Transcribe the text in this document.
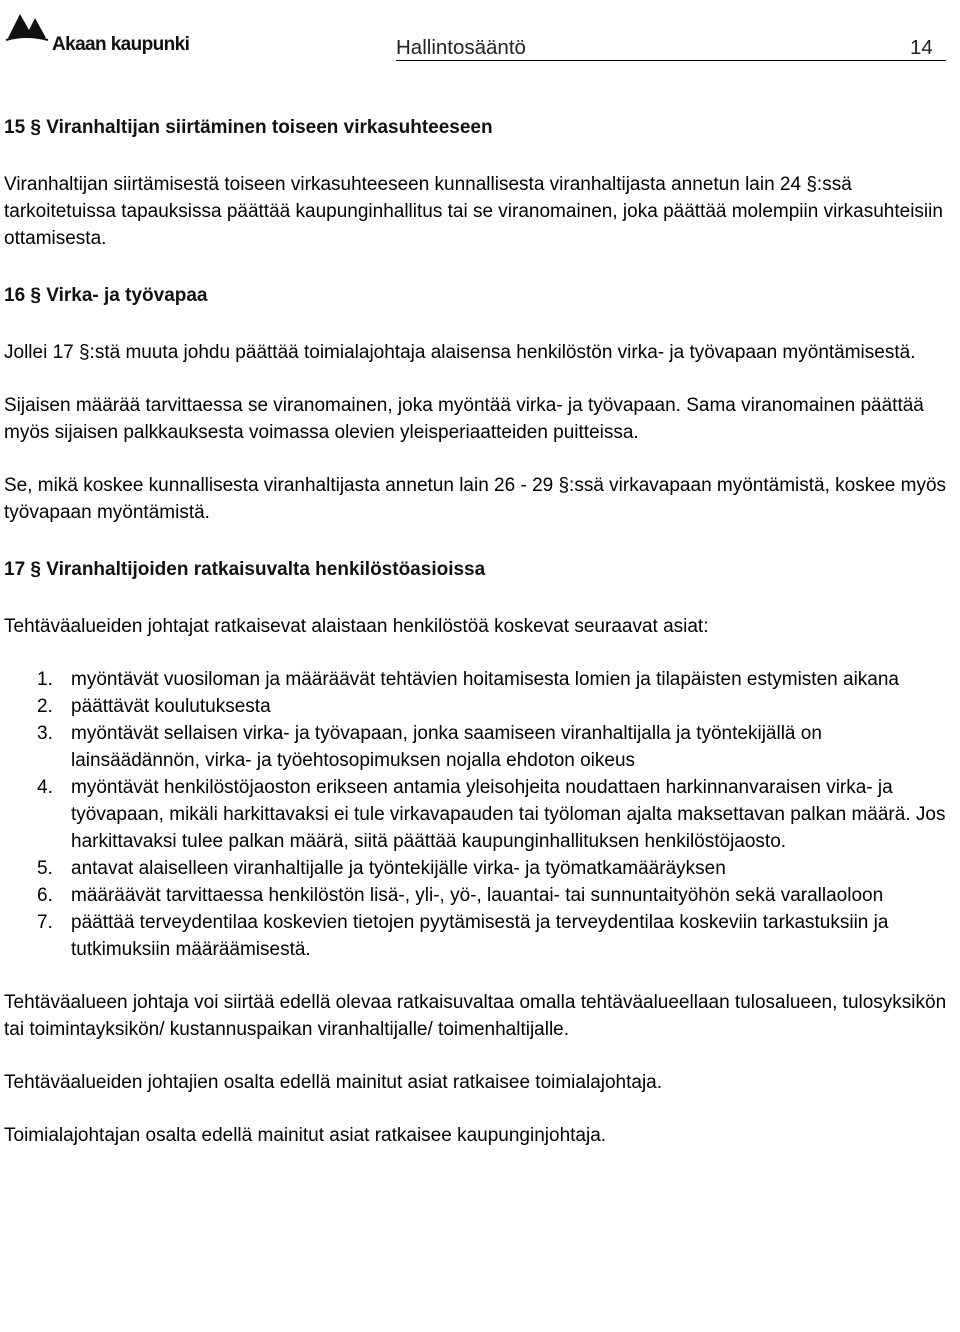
Akaan kaupunki	Hallintosääntö	14

15 § Viranhaltijan siirtäminen toiseen virkasuhteeseen

Viranhaltijan siirtämisestä toiseen virkasuhteeseen kunnallisesta viranhaltijasta annetun lain 24 §:ssä tarkoitetuissa tapauksissa päättää kaupunginhallitus tai se viranomainen, joka päättää molempiin virkasuhteisiin ottamisesta.

16 § Virka- ja työvapaa

Jollei 17 §:stä muuta johdu päättää toimialajohtaja alaisensa henkilöstön virka- ja työvapaan myöntämisestä.

Sijaisen määrää tarvittaessa se viranomainen, joka myöntää virka- ja työvapaan. Sama viranomainen päättää myös sijaisen palkkauksesta voimassa olevien yleisperiaatteiden puitteissa.

Se, mikä koskee kunnallisesta viranhaltijasta annetun lain 26 - 29 §:ssä virkavapaan myöntämistä, koskee myös työvapaan myöntämistä.

17 § Viranhaltijoiden ratkaisuvalta henkilöstöasioissa

Tehtäväalueiden johtajat ratkaisevat alaistaan henkilöstöä koskevat seuraavat asiat:

1. myöntävät vuosiloman ja määräävät tehtävien hoitamisesta lomien ja tilapäisten estymisten aikana
2. päättävät koulutuksesta
3. myöntävät sellaisen virka- ja työvapaan, jonka saamiseen viranhaltijalla ja työntekijällä on lainsäädännön, virka- ja työehtosopimuksen nojalla ehdoton oikeus
4. myöntävät henkilöstöjaoston erikseen antamia yleisohjeita noudattaen harkinnanvaraisen virka- ja työvapaan, mikäli harkittavaksi ei tule virkavapauden tai työloman ajalta maksettavan palkan määrä. Jos harkittavaksi tulee palkan määrä, siitä päättää kaupunginhallituksen henkilöstöjaosto.
5. antavat alaiselleen viranhaltijalle ja työntekijälle virka- ja työmatkamääräyksen
6. määräävät tarvittaessa henkilöstön lisä-, yli-, yö-, lauantai- tai sunnuntaityöhön sekä varallaoloon
7. päättää terveydentilaa koskevien tietojen pyytämisestä ja terveydentilaa koskeviin tarkastuksiin ja tutkimuksiin määräämisestä.

Tehtäväalueen johtaja voi siirtää edellä olevaa ratkaisuvaltaa omalla tehtäväalueellaan tulosalueen, tulosyksikön tai toimintayksikön/ kustannuspaikan viranhaltijalle/ toimenhaltijalle.

Tehtäväalueiden johtajien osalta edellä mainitut asiat ratkaisee toimialajohtaja.

Toimialajohtajan osalta edellä mainitut asiat ratkaisee kaupunginjohtaja.
